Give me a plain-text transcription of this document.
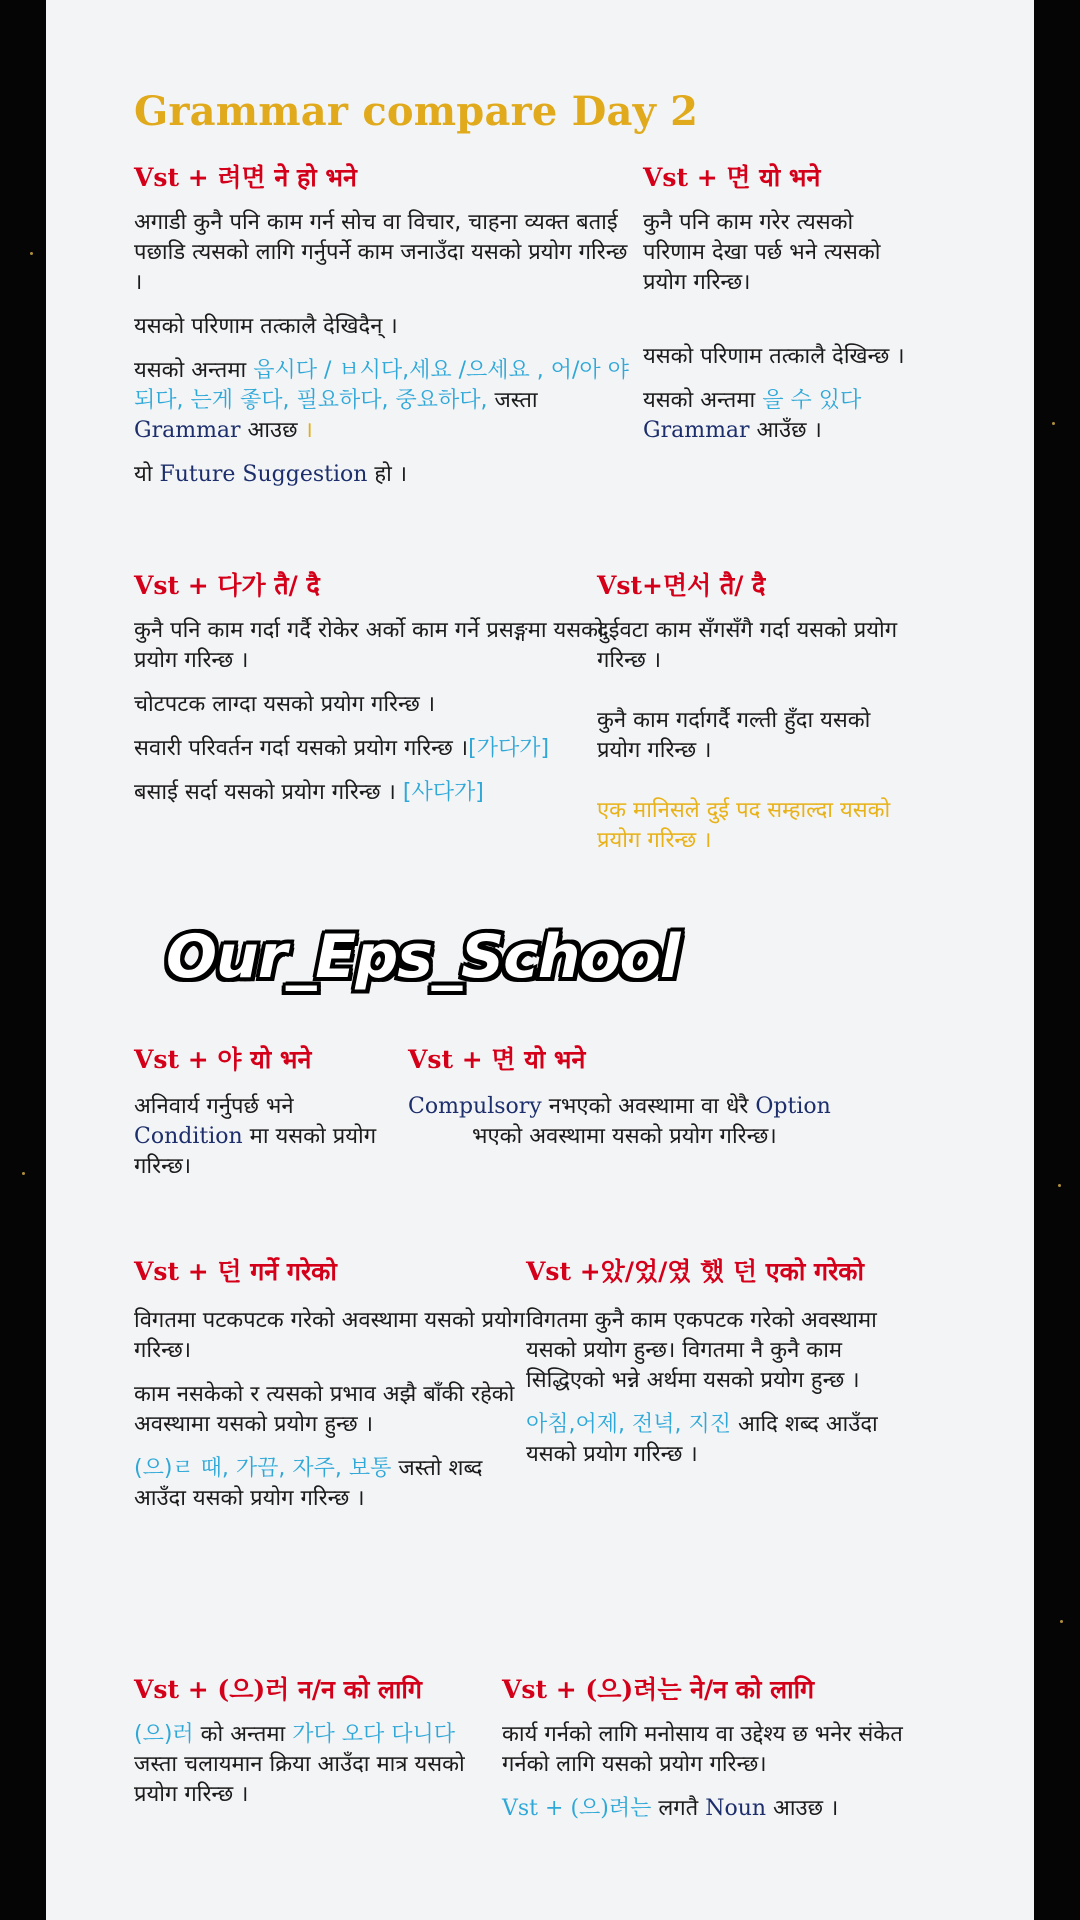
Grammar compare Day 2
Vst + 려면 ने हो भने

अगाडी कुनै पनि काम गर्न सोच वा विचार, चाहना व्यक्त बताई पछाडि त्यसको लागि गर्नुपर्ने काम जनाउँदा यसको प्रयोग गरिन्छ ।

यसको परिणाम तत्कालै देखिदैन् ।

यसको अन्तमा 읍시다 / ㅂ시다,세요 /으세요 , 어/아 야 되다, 는게 좋다, 필요하다, 중요하다, जस्ता Grammar आउछ ।

यो Future Suggestion हो ।

Vst + 면 यो भने

कुनै पनि काम गरेर त्यसको परिणाम देखा पर्छ भने त्यसको प्रयोग गरिन्छ।

यसको परिणाम तत्कालै देखिन्छ ।

यसको अन्तमा 을 수 있다
Grammar आउँछ ।

Vst + 다가 तै/ दै

कुनै पनि काम गर्दा गर्दै रोकेर अर्को काम गर्ने प्रसङ्गमा यसको प्रयोग गरिन्छ ।

चोटपटक लाग्दा यसको प्रयोग गरिन्छ ।

सवारी परिवर्तन गर्दा यसको प्रयोग गरिन्छ ।[가다가]

बसाई सर्दा यसको प्रयोग गरिन्छ । [사다가]

Vst+면서 तै/ दै

दुईवटा काम सँगसँगै गर्दा यसको प्रयोग गरिन्छ ।

कुनै काम गर्दागर्दै गल्ती हुँदा यसको प्रयोग गरिन्छ ।

एक मानिसले दुई पद सम्हाल्दा यसको प्रयोग गरिन्छ ।

Our_Eps_School
Vst + 야 यो भने	Vst + 면 यो भने
अनिवार्य गर्नुपर्छ भने	Compulsory नभएको अवस्थामा वा धेरै Option
Condition मा यसको प्रयोग	भएको अवस्थामा यसको प्रयोग गरिन्छ।
गरिन्छ।
Vst + 던 गर्ने गरेको

विगतमा पटकपटक गरेको अवस्थामा यसको प्रयोग गरिन्छ।

काम नसकेको र त्यसको प्रभाव अझै बाँकी रहेको अवस्थामा यसको प्रयोग हुन्छ ।

(으)ㄹ 때, 가끔, 자주, 보통 जस्तो शब्द आउँदा यसको प्रयोग गरिन्छ ।

Vst +았/었/였 했 던 एको गरेको

विगतमा कुनै काम एकपटक गरेको अवस्थामा यसको प्रयोग हुन्छ। विगतमा नै कुनै काम सिद्धिएको भन्ने अर्थमा यसको प्रयोग हुन्छ ।

아침,어제, 전녁, 지진 आदि शब्द आउँदा यसको प्रयोग गरिन्छ ।

Vst + (으)러 न/न को लागि

(으)러 को अन्तमा 가다 오다 다니다 जस्ता चलायमान क्रिया आउँदा मात्र यसको प्रयोग गरिन्छ ।

Vst + (으)려는 ने/न को लागि

कार्य गर्नको लागि मनोसाय वा उद्देश्य छ भनेर संकेत गर्नको लागि यसको प्रयोग गरिन्छ।

Vst + (으)려는 लगतै Noun आउछ ।
